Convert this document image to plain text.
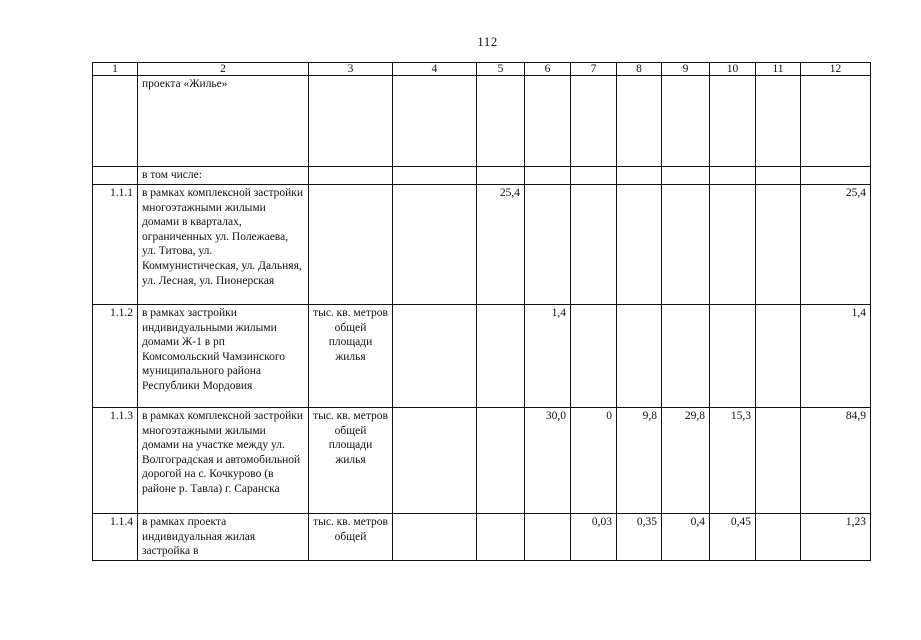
112
1	2	3	4	5	6	7	8	9	10	11	12
	проекта «Жилье»										
	в том числе:										
1.1.1	в рамках комплексной застройки многоэтажными жилыми домами в кварталах, ограниченных ул. Полежаева, ул. Титова, ул. Коммунистическая, ул. Дальняя, ул. Лесная, ул. Пионерская			25,4							25,4
1.1.2	в рамках застройки индивидуальными жилыми домами Ж-1 в рп Комсомольский Чамзинского муниципального района Республики Мордовия	тыс. кв. метров общей площади жилья			1,4						1,4
1.1.3	в рамках комплексной застройки многоэтажными жилыми домами на участке между ул. Волгоградская и автомобильной дорогой на с. Кочкурово (в районе р. Тавла) г. Саранска	тыс. кв. метров общей площади жилья			30,0	0	9,8	29,8	15,3		84,9
1.1.4	в рамках проекта индивидуальная жилая застройка в	тыс. кв. метров общей				0,03	0,35	0,4	0,45		1,23
